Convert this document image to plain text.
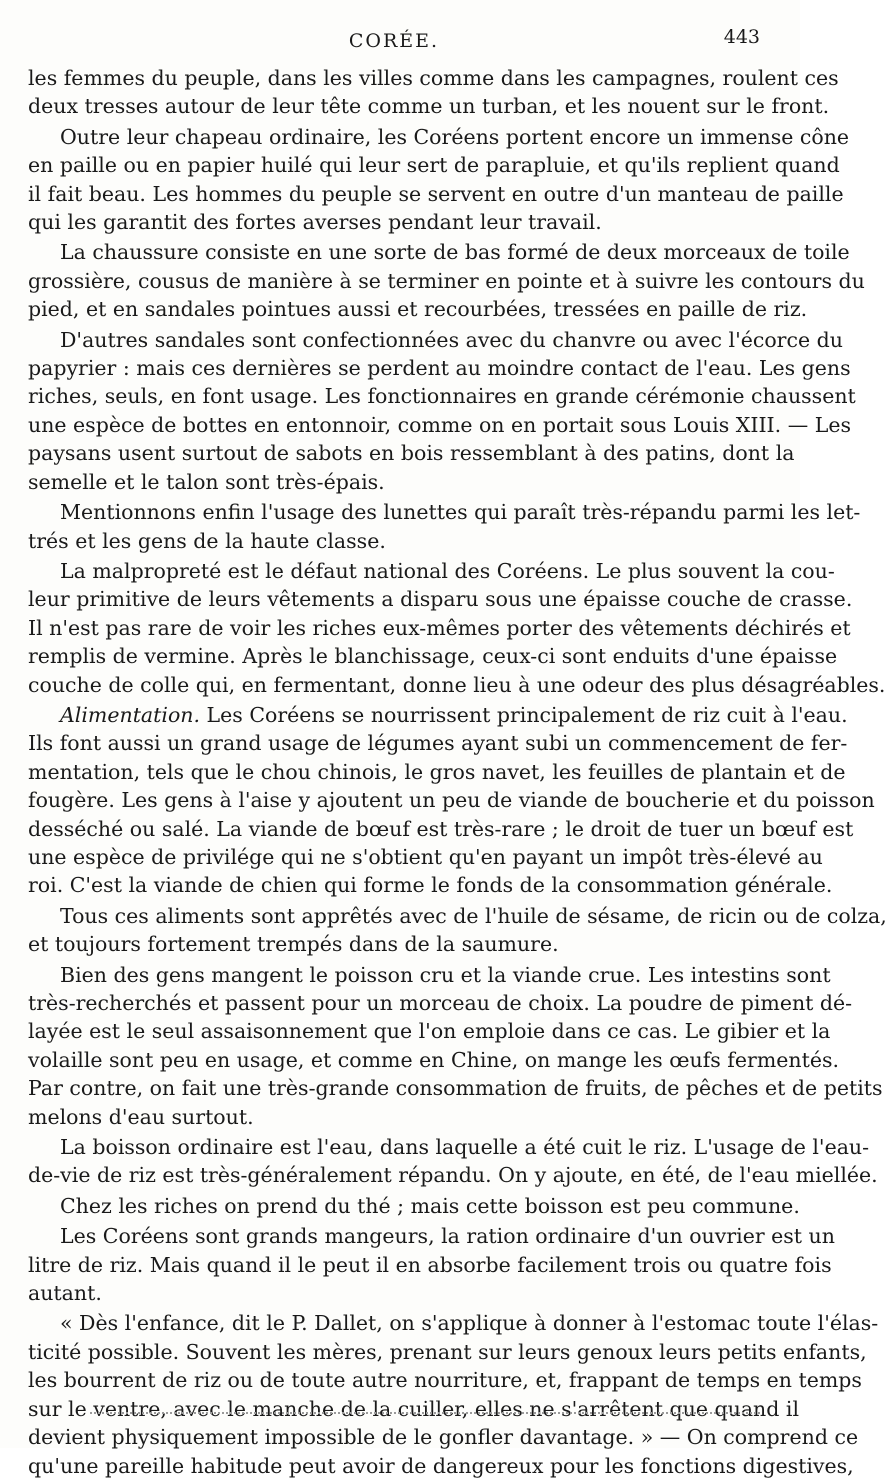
CORÉE.	443

les femmes du peuple, dans les villes comme dans les campagnes, roulent ces
deux tresses autour de leur tête comme un turban, et les nouent sur le front.

Outre leur chapeau ordinaire, les Coréens portent encore un immense cône
en paille ou en papier huilé qui leur sert de parapluie, et qu'ils replient quand
il fait beau. Les hommes du peuple se servent en outre d'un manteau de paille
qui les garantit des fortes averses pendant leur travail.

La chaussure consiste en une sorte de bas formé de deux morceaux de toile
grossière, cousus de manière à se terminer en pointe et à suivre les contours du
pied, et en sandales pointues aussi et recourbées, tressées en paille de riz.

D'autres sandales sont confectionnées avec du chanvre ou avec l'écorce du
papyrier : mais ces dernières se perdent au moindre contact de l'eau. Les gens
riches, seuls, en font usage. Les fonctionnaires en grande cérémonie chaussent
une espèce de bottes en entonnoir, comme on en portait sous Louis XIII. — Les
paysans usent surtout de sabots en bois ressemblant à des patins, dont la
semelle et le talon sont très-épais.

Mentionnons enfin l'usage des lunettes qui paraît très-répandu parmi les let-
trés et les gens de la haute classe.

La malpropreté est le défaut national des Coréens. Le plus souvent la cou-
leur primitive de leurs vêtements a disparu sous une épaisse couche de crasse.
Il n'est pas rare de voir les riches eux-mêmes porter des vêtements déchirés et
remplis de vermine. Après le blanchissage, ceux-ci sont enduits d'une épaisse
couche de colle qui, en fermentant, donne lieu à une odeur des plus désagréables.

Alimentation. Les Coréens se nourrissent principalement de riz cuit à l'eau.
Ils font aussi un grand usage de légumes ayant subi un commencement de fer-
mentation, tels que le chou chinois, le gros navet, les feuilles de plantain et de
fougère. Les gens à l'aise y ajoutent un peu de viande de boucherie et du poisson
desséché ou salé. La viande de bœuf est très-rare ; le droit de tuer un bœuf est
une espèce de privilége qui ne s'obtient qu'en payant un impôt très-élevé au
roi. C'est la viande de chien qui forme le fonds de la consommation générale.

Tous ces aliments sont apprêtés avec de l'huile de sésame, de ricin ou de colza,
et toujours fortement trempés dans de la saumure.

Bien des gens mangent le poisson cru et la viande crue. Les intestins sont
très-recherchés et passent pour un morceau de choix. La poudre de piment dé-
layée est le seul assaisonnement que l'on emploie dans ce cas. Le gibier et la
volaille sont peu en usage, et comme en Chine, on mange les œufs fermentés.
Par contre, on fait une très-grande consommation de fruits, de pêches et de petits
melons d'eau surtout.

La boisson ordinaire est l'eau, dans laquelle a été cuit le riz. L'usage de l'eau-
de-vie de riz est très-généralement répandu. On y ajoute, en été, de l'eau miellée.

Chez les riches on prend du thé ; mais cette boisson est peu commune.

Les Coréens sont grands mangeurs, la ration ordinaire d'un ouvrier est un
litre de riz. Mais quand il le peut il en absorbe facilement trois ou quatre fois
autant.

« Dès l'enfance, dit le P. Dallet, on s'applique à donner à l'estomac toute l'élas-
ticité possible. Souvent les mères, prenant sur leurs genoux leurs petits enfants,
les bourrent de riz ou de toute autre nourriture, et, frappant de temps en temps
sur le ventre, avec le manche de la cuiller, elles ne s'arrêtent que quand il
devient physiquement impossible de le gonfler davantage. » — On comprend ce
qu'une pareille habitude peut avoir de dangereux pour les fonctions digestives,
